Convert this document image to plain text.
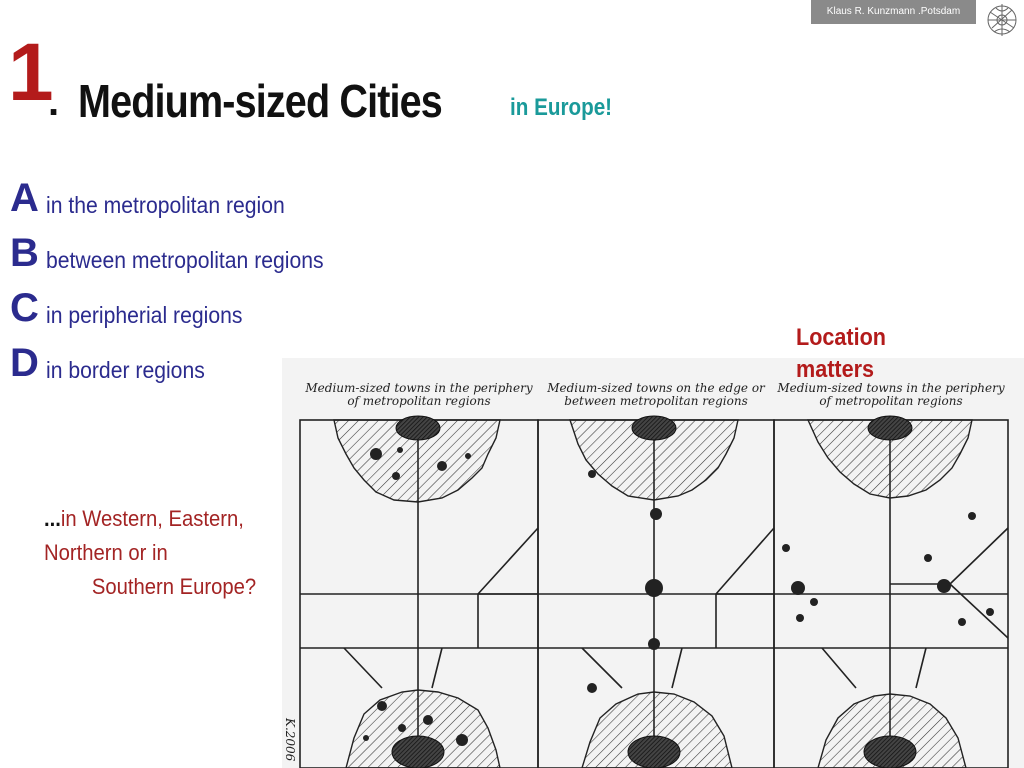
Klaus R. Kunzmann .Potsdam
1
. Medium-sized Cities	in Europe!
A in the metropolitan region
B between metropolitan regions
C in peripherial regions
D in border regions
...in Western, Eastern,
Northern or in
Southern Europe?
Medium-sized towns in the periphery
of metropolitan regions
Medium-sized towns on the edge or
between metropolitan regions
Medium-sized towns in the periphery
of metropolitan regions
K.2006
Location
matters
